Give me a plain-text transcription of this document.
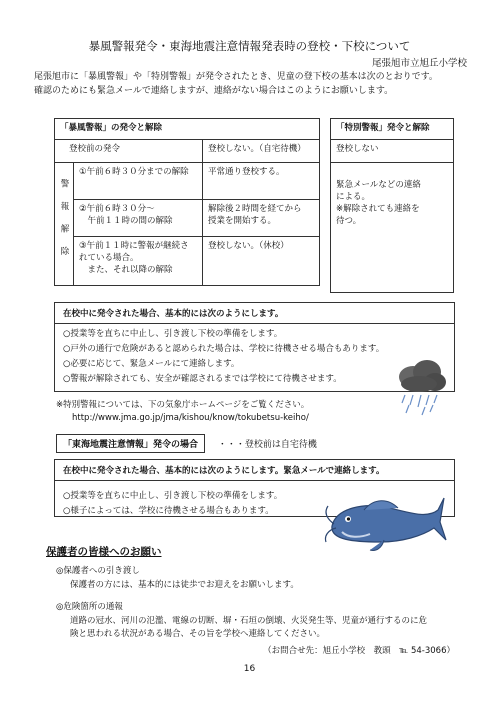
暴風警報発令・東海地震注意情報発表時の登校・下校について
尾張旭市立旭丘小学校
尾張旭市に「暴風警報」や「特別警報」が発令されたとき、児童の登下校の基本は次のとおりです。
確認のためにも緊急メールで連絡しますが、連絡がない場合はこのようにお願いします。
「暴風警報」の発令と解除		
登校前の発令		登校しない。（自宅待機）

警報解除	①午前６時３０分までの解除	平常通り登校する。
	②午前６時３０分～
　午前１１時の間の解除	解除後２時間を経てから
授業を開始する。
	③午前１１時に警報が継続さ
れている場合。
　また、それ以降の解除	登校しない。（休校）
「特別警報」発令と解除
登校しない
緊急メールなどの連絡
による。
※解除されても連絡を
待つ。
在校中に発令された場合、基本的には次のようにします。
○授業等を直ちに中止し、引き渡し下校の準備をします。
○戸外の通行で危険があると認められた場合は、学校に待機させる場合もあります。
○必要に応じて、緊急メールにて連絡します。
○警報が解除されても、安全が確認されるまでは学校にて待機させます。
※特別警報については、下の気象庁ホームページをご覧ください。
http://www.jma.go.jp/jma/kishou/know/tokubetsu-keiho/
「東海地震注意情報」発令の場合 ・・・登校前は自宅待機
在校中に発令された場合、基本的には次のようにします。緊急メールで連絡します。
○授業等を直ちに中止し、引き渡し下校の準備をします。
○様子によっては、学校に待機させる場合もあります。
保護者の皆様へのお願い
◎保護者への引き渡し
保護者の方には、基本的には徒歩でお迎えをお願いします。
◎危険箇所の通報
道路の冠水、河川の氾濫、電線の切断、塀・石垣の倒壊、火災発生等、児童が通行するのに危
険と思われる状況がある場合、その旨を学校へ連絡してください。
（お問合せ先：旭丘小学校　教頭　℡ 54-3066）
16
